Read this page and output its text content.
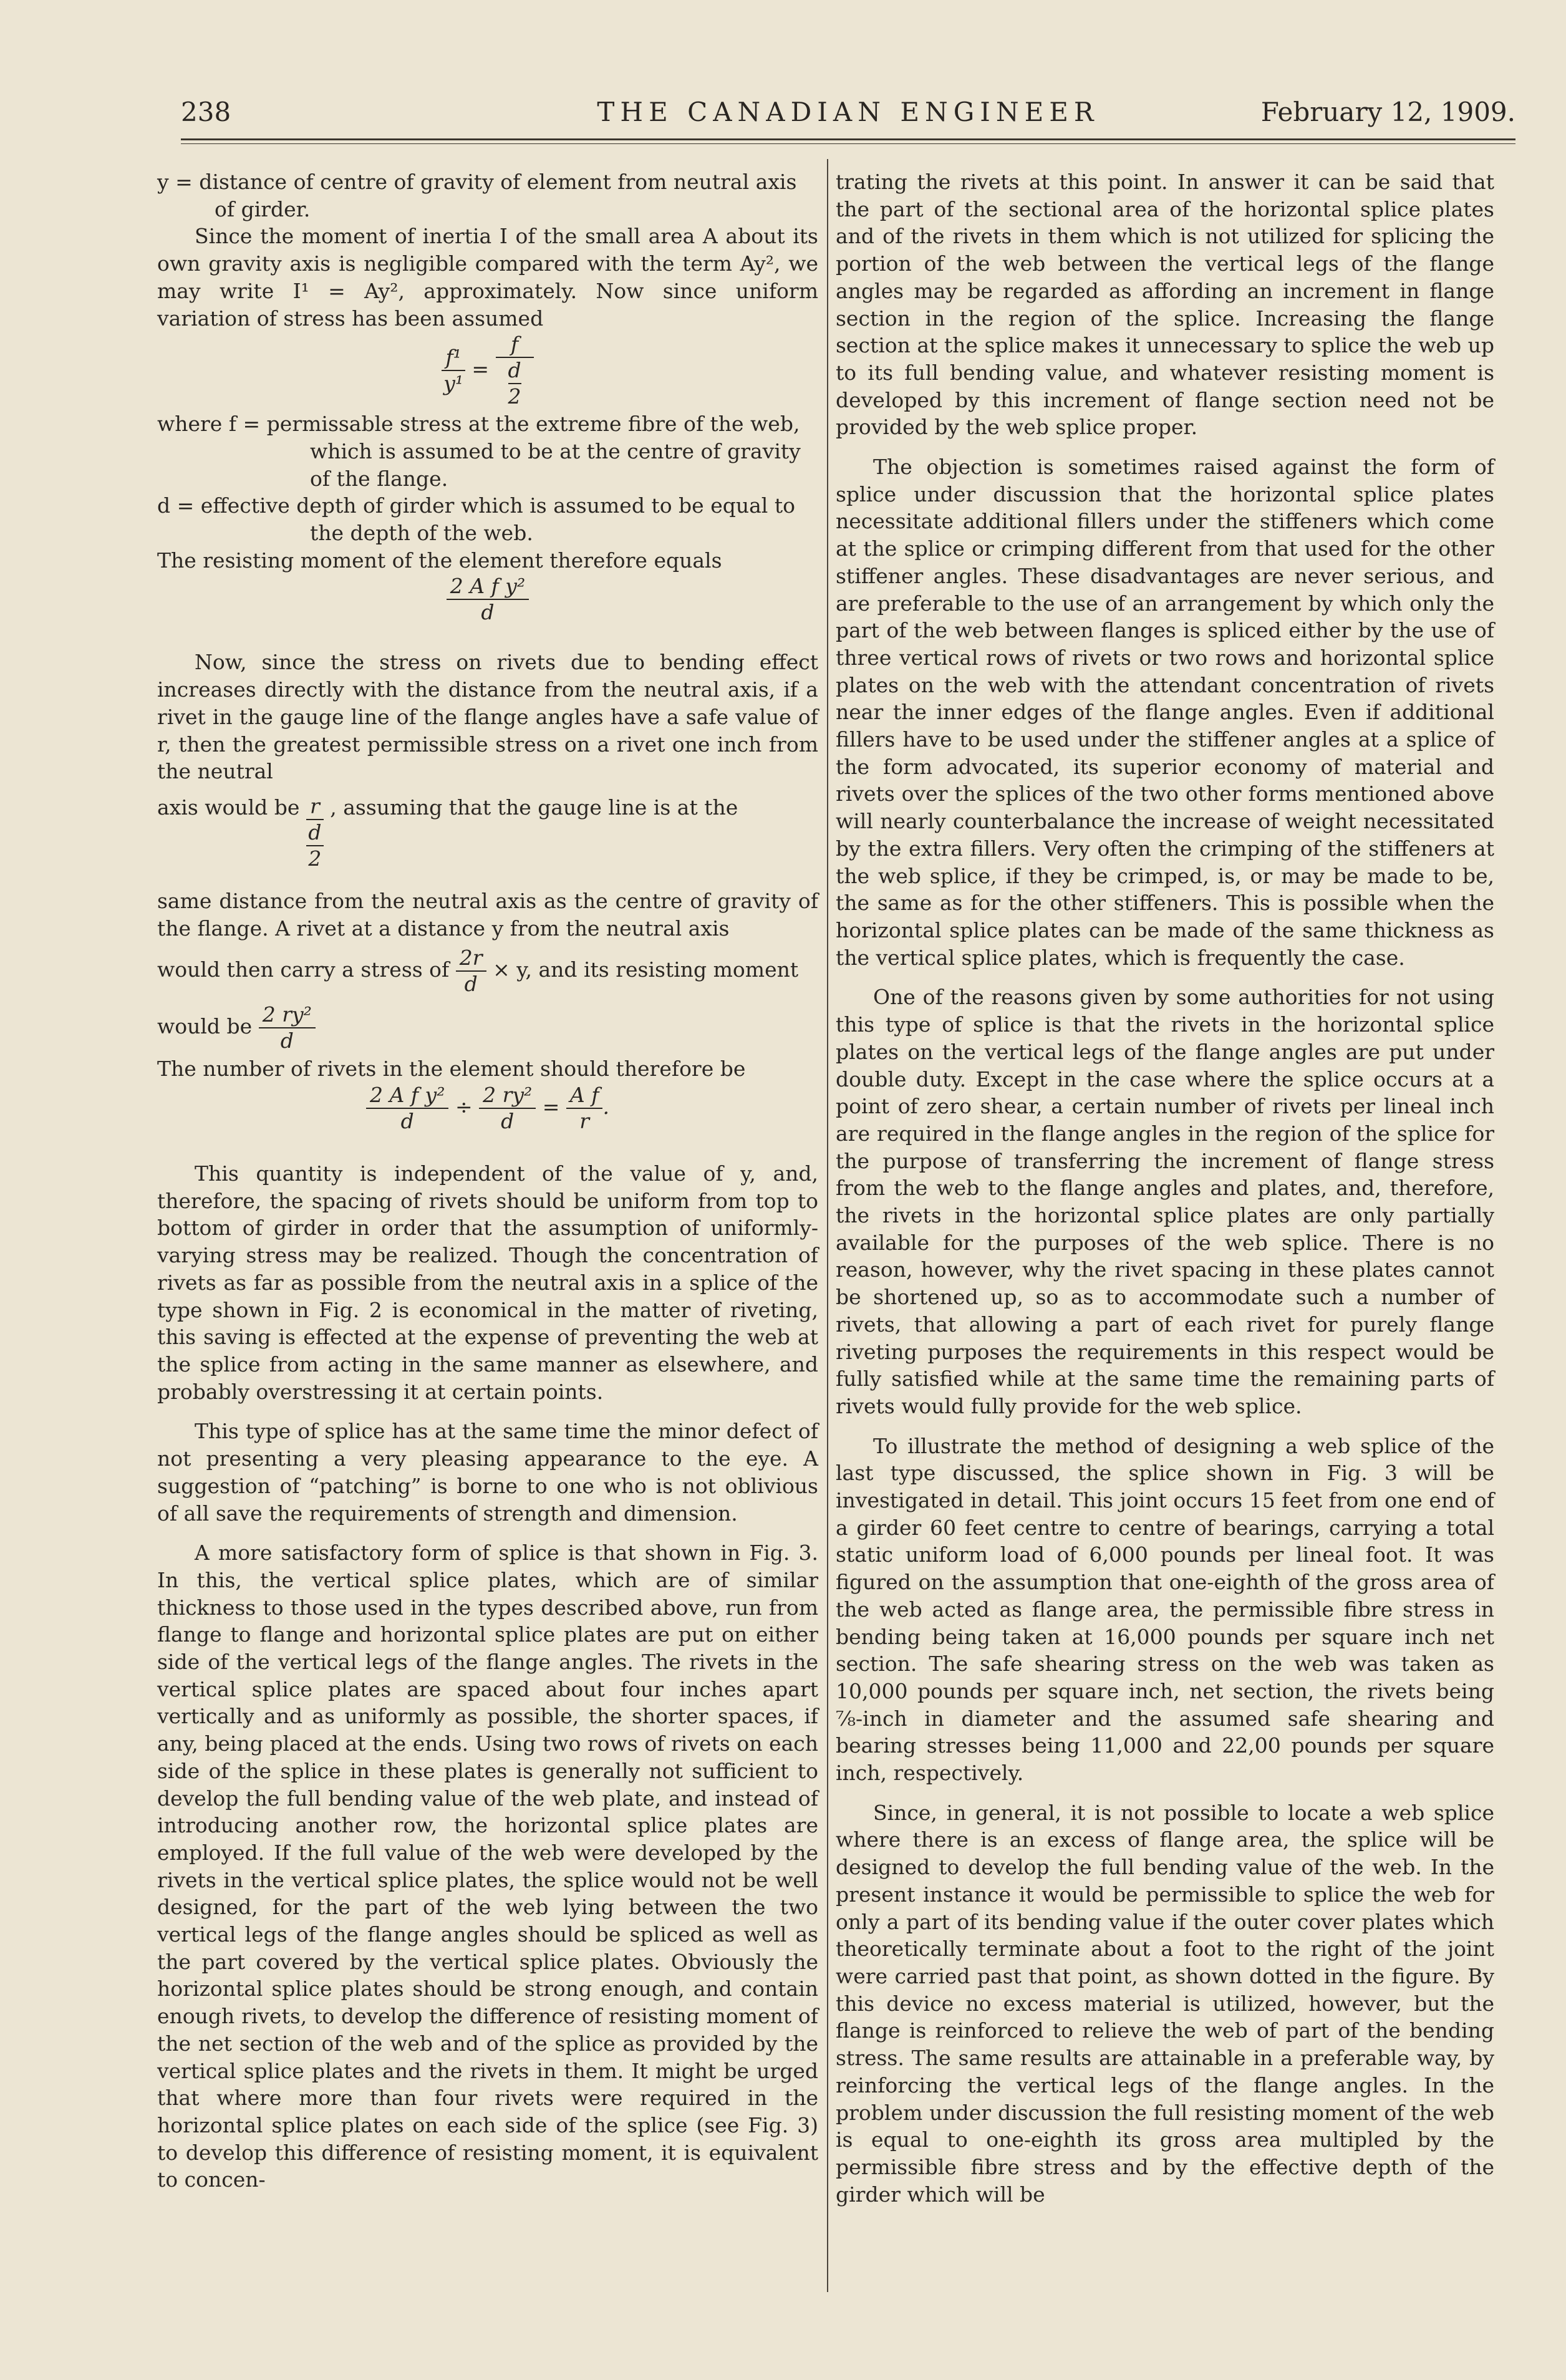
238	THE CANADIAN ENGINEER	February 12, 1909.

y = distance of centre of gravity of element from neutral axis of girder.

Since the moment of inertia I of the small area A about its own gravity axis is negligible compared with the term Ay², we may write I¹ = Ay², approximately. Now since uniform variation of stress has been assumed

$\frac{\text{f¹}}{\text{y¹}}$ =
f
d
2

where f = permissable stress at the extreme fibre of the web, which is assumed to be at the centre of gravity of the flange.

d = effective depth of girder which is assumed to be equal to the depth of the web.

The resisting moment of the element therefore equals

$\frac{\text{2 A f y²}}{d}$

Now, since the stress on rivets due to bending effect increases directly with the distance from the neutral axis, if a rivet in the gauge line of the flange angles have a safe value of r, then the greatest permissible stress on a rivet one inch from the neutral

axis would be r
d
2
, assuming that the gauge line is at the

same distance from the neutral axis as the centre of gravity of the flange. A rivet at a distance y from the neutral axis

would then carry a stress of $\frac{2r}{d} \times y$, and its resisting moment
would be $\frac{\text{2 ry²}}{d}$

The number of rivets in the element should therefore be

$\frac{\text{2 A f y²}}{d} \div \frac{\text{2 ry²}}{d} = \frac{\text{A f}}{r}$ .

This quantity is independent of the value of y, and, therefore, the spacing of rivets should be uniform from top to bottom of girder in order that the assumption of uniformly-varying stress may be realized. Though the concentration of rivets as far as possible from the neutral axis in a splice of the type shown in Fig. 2 is economical in the matter of riveting, this saving is effected at the expense of preventing the web at the splice from acting in the same manner as elsewhere, and probably overstressing it at certain points.

This type of splice has at the same time the minor defect of not presenting a very pleasing appearance to the eye. A suggestion of “patching” is borne to one who is not oblivious of all save the requirements of strength and dimension.

A more satisfactory form of splice is that shown in Fig. 3. In this, the vertical splice plates, which are of similar thickness to those used in the types described above, run from flange to flange and horizontal splice plates are put on either side of the vertical legs of the flange angles. The rivets in the vertical splice plates are spaced about four inches apart vertically and as uniformly as possible, the shorter spaces, if any, being placed at the ends. Using two rows of rivets on each side of the splice in these plates is generally not sufficient to develop the full bending value of the web plate, and instead of introducing another row, the horizontal splice plates are employed. If the full value of the web were developed by the rivets in the vertical splice plates, the splice would not be well designed, for the part of the web lying between the two vertical legs of the flange angles should be spliced as well as the part covered by the vertical splice plates. Obviously the horizontal splice plates should be strong enough, and contain enough rivets, to develop the difference of resisting moment of the net section of the web and of the splice as provided by the vertical splice plates and the rivets in them. It might be urged that where more than four rivets were required in the horizontal splice plates on each side of the splice (see Fig. 3) to develop this difference of resisting moment, it is equivalent to concen-

trating the rivets at this point. In answer it can be said that the part of the sectional area of the horizontal splice plates and of the rivets in them which is not utilized for splicing the portion of the web between the vertical legs of the flange angles may be regarded as affording an increment in flange section in the region of the splice. Increasing the flange section at the splice makes it unnecessary to splice the web up to its full bending value, and whatever resisting moment is developed by this increment of flange section need not be provided by the web splice proper.

The objection is sometimes raised against the form of splice under discussion that the horizontal splice plates necessitate additional fillers under the stiffeners which come at the splice or crimping different from that used for the other stiffener angles. These disadvantages are never serious, and are preferable to the use of an arrangement by which only the part of the web between flanges is spliced either by the use of three vertical rows of rivets or two rows and horizontal splice plates on the web with the attendant concentration of rivets near the inner edges of the flange angles. Even if additional fillers have to be used under the stiffener angles at a splice of the form advocated, its superior economy of material and rivets over the splices of the two other forms mentioned above will nearly counterbalance the increase of weight necessitated by the extra fillers. Very often the crimping of the stiffeners at the web splice, if they be crimped, is, or may be made to be, the same as for the other stiffeners. This is possible when the horizontal splice plates can be made of the same thickness as the vertical splice plates, which is frequently the case.

One of the reasons given by some authorities for not using this type of splice is that the rivets in the horizontal splice plates on the vertical legs of the flange angles are put under double duty. Except in the case where the splice occurs at a point of zero shear, a certain number of rivets per lineal inch are required in the flange angles in the region of the splice for the purpose of transferring the increment of flange stress from the web to the flange angles and plates, and, therefore, the rivets in the horizontal splice plates are only partially available for the purposes of the web splice. There is no reason, however, why the rivet spacing in these plates cannot be shortened up, so as to accommodate such a number of rivets, that allowing a part of each rivet for purely flange riveting purposes the requirements in this respect would be fully satisfied while at the same time the remaining parts of rivets would fully provide for the web splice.

To illustrate the method of designing a web splice of the last type discussed, the splice shown in Fig. 3 will be investigated in detail. This joint occurs 15 feet from one end of a girder 60 feet centre to centre of bearings, carrying a total static uniform load of 6,000 pounds per lineal foot. It was figured on the assumption that one-eighth of the gross area of the web acted as flange area, the permissible fibre stress in bending being taken at 16,000 pounds per square inch net section. The safe shearing stress on the web was taken as 10,000 pounds per square inch, net section, the rivets being ⅞-inch in diameter and the assumed safe shearing and bearing stresses being 11,000 and 22,00 pounds per square inch, respectively.

Since, in general, it is not possible to locate a web splice where there is an excess of flange area, the splice will be designed to develop the full bending value of the web. In the present instance it would be permissible to splice the web for only a part of its bending value if the outer cover plates which theoretically terminate about a foot to the right of the joint were carried past that point, as shown dotted in the figure. By this device no excess material is utilized, however, but the flange is reinforced to relieve the web of part of the bending stress. The same results are attainable in a preferable way, by reinforcing the vertical legs of the flange angles. In the problem under discussion the full resisting moment of the web is equal to one-eighth its gross area multipled by the permissible fibre stress and by the effective depth of the girder which will be
